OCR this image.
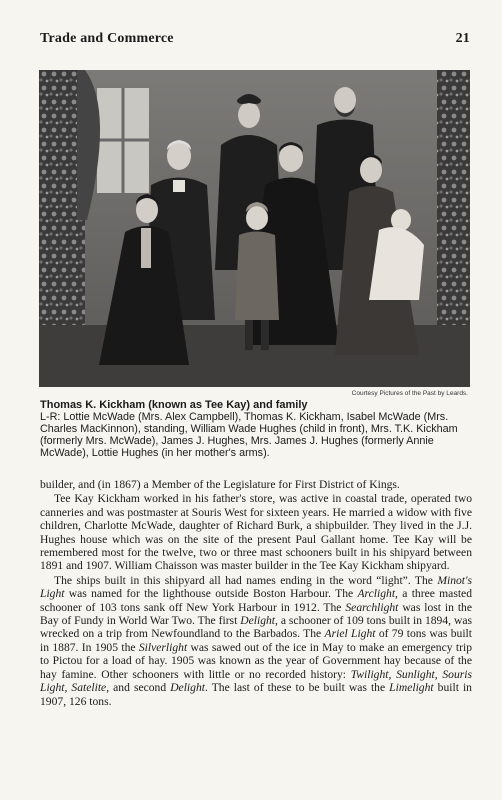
Trade and Commerce	21
Courtesy Pictures of the Past by Leards.
Thomas K. Kickham (known as Tee Kay) and family
L-R: Lottie McWade (Mrs. Alex Campbell), Thomas K. Kickham, Isabel McWade (Mrs. Charles MacKinnon), standing, William Wade Hughes (child in front), Mrs. T.K. Kickham (formerly Mrs. McWade), James J. Hughes, Mrs. James J. Hughes (formerly Annie McWade), Lottie Hughes (in her mother's arms).

builder, and (in 1867) a Member of the Legislature for First District of Kings.

Tee Kay Kickham worked in his father's store, was active in coastal trade, operated two canneries and was postmaster at Souris West for sixteen years. He married a widow with five children, Charlotte McWade, daughter of Richard Burk, a shipbuilder. They lived in the J.J. Hughes house which was on the site of the present Paul Gallant home. Tee Kay will be remembered most for the twelve, two or three mast schooners built in his shipyard between 1891 and 1907. William Chaisson was master builder in the Tee Kay Kickham shipyard.

The ships built in this shipyard all had names ending in the word “light”. The Minot's Light was named for the lighthouse outside Boston Harbour. The Arclight, a three masted schooner of 103 tons sank off New York Harbour in 1912. The Searchlight was lost in the Bay of Fundy in World War Two. The first Delight, a schooner of 109 tons built in 1894, was wrecked on a trip from Newfoundland to the Barbados. The Ariel Light of 79 tons was built in 1887. In 1905 the Silverlight was sawed out of the ice in May to make an emergency trip to Pictou for a load of hay. 1905 was known as the year of Government hay because of the hay famine. Other schooners with little or no recorded history: Twilight, Sunlight, Souris Light, Satelite, and second Delight. The last of these to be built was the Limelight built in 1907, 126 tons.
